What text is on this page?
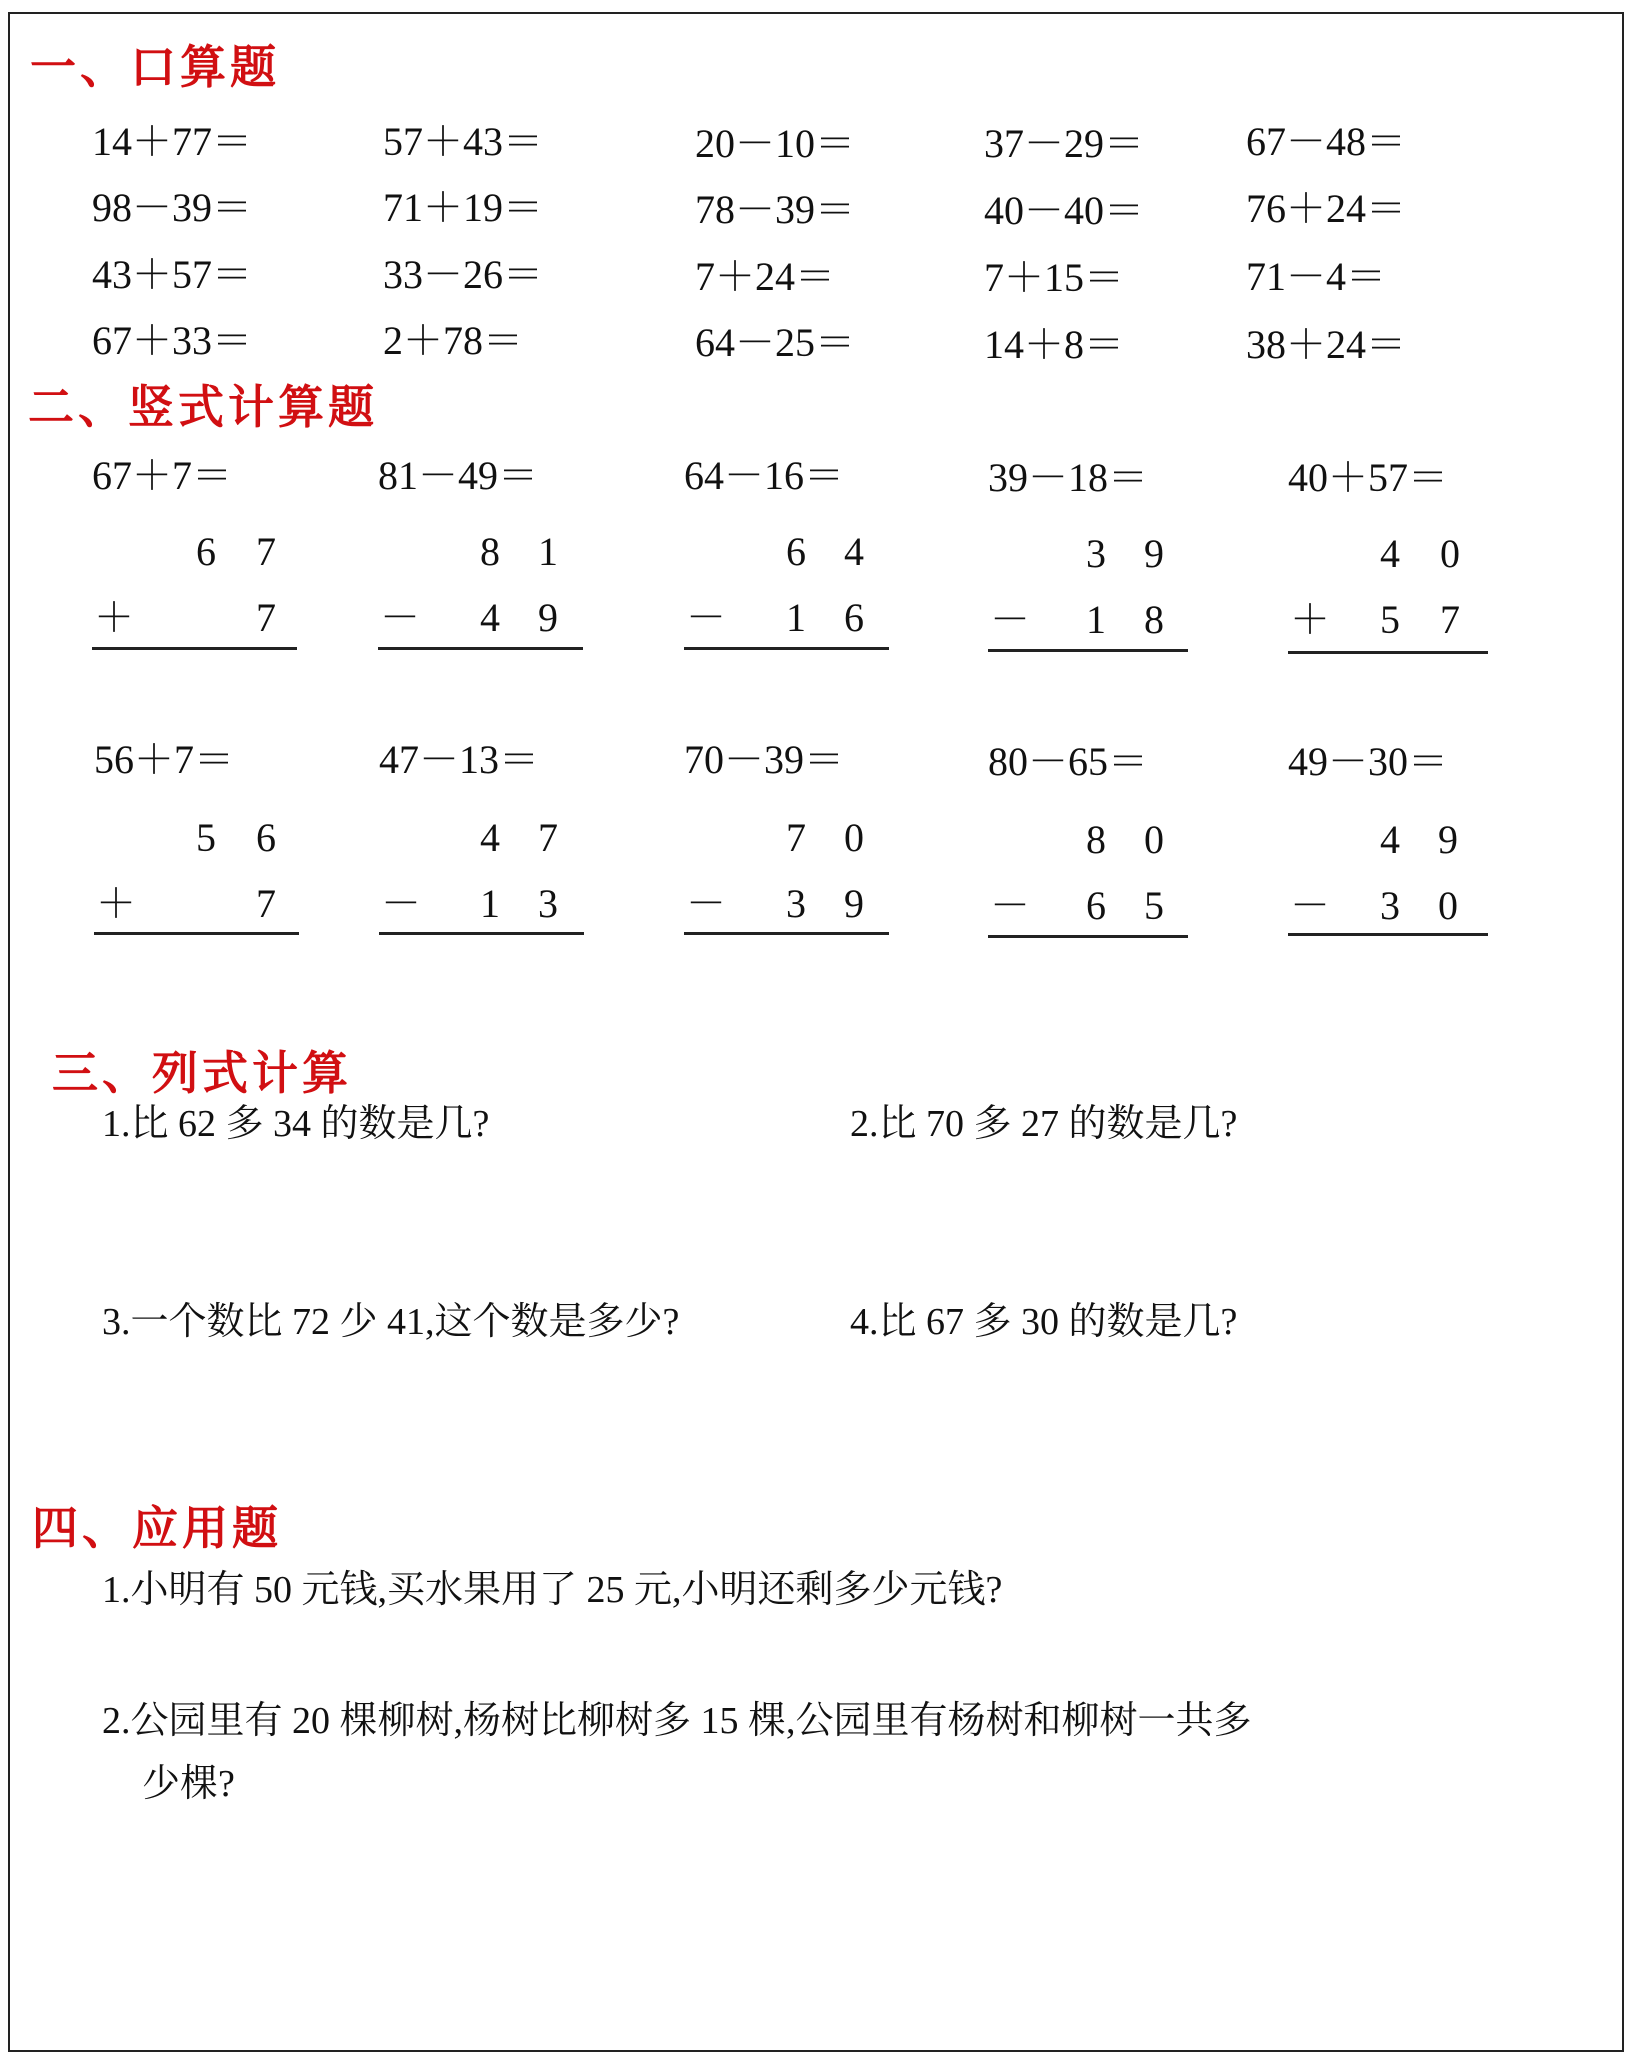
一、口算题
14＋77＝	57＋43＝	20－10＝	37－29＝	67－48＝
98－39＝	71＋19＝	78－39＝	40－40＝	76＋24＝
43＋57＝	33－26＝	7＋24＝	7＋15＝	71－4＝
67＋33＝	2＋78＝	64－25＝	14＋8＝	38＋24＝
二、竖式计算题
67＋7＝
6 7
＋	7
81－49＝
8 1
－ 4 9
64－16＝
6 4
－ 1 6
39－18＝
3 9
－ 1 8
40＋57＝
4 0
＋ 5 7
56＋7＝
5 6
＋	7
47－13＝
4 7
－ 1 3
70－39＝
7 0
－ 3 9
80－65＝
8 0
－ 6 5
49－30＝
4 9
－ 3 0
三、列式计算
1.比 62 多 34 的数是几?	2.比 70 多 27 的数是几?
3.一个数比 72 少 41,这个数是多少?	4.比 67 多 30 的数是几?
四、应用题
1.小明有 50 元钱,买水果用了 25 元,小明还剩多少元钱?
2.公园里有 20 棵柳树,杨树比柳树多 15 棵,公园里有杨树和柳树一共多
少棵?
